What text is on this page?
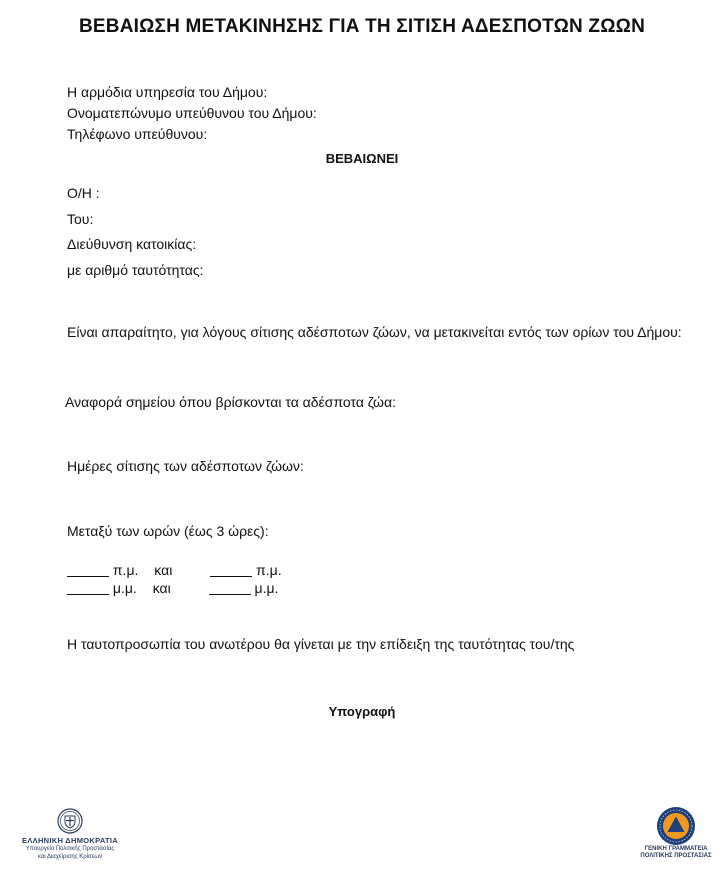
ΒΕΒΑΙΩΣΗ ΜΕΤΑΚΙΝΗΣΗΣ ΓΙΑ ΤΗ ΣΙΤΙΣΗ ΑΔΕΣΠΟΤΩΝ ΖΩΩΝ
Η αρμόδια υπηρεσία του Δήμου:
Ονοματεπώνυμο υπεύθυνου του Δήμου:
Τηλέφωνο υπεύθυνου:
ΒΕΒΑΙΩΝΕΙ
Ο/Η :
Του:
Διεύθυνση κατοικίας:
με αριθμό ταυτότητας:
Είναι απαραίτητο, για λόγους σίτισης αδέσποτων ζώων, να μετακινείται εντός των ορίων του Δήμου:
Αναφορά σημείου όπου βρίσκονται τα αδέσποτα ζώα:
Ημέρες σίτισης των αδέσποτων ζώων:
Μεταξύ των ωρών (έως 3 ώρες):
π.μ. και	π.μ.
μ.μ. και	μ.μ.
Η ταυτοπροσωπία του ανωτέρου θα γίνεται με την επίδειξη της ταυτότητας του/της
Υπογραφή
ΕΛΛΗΝΙΚΗ ΔΗΜΟΚΡΑΤΙΑ
Υπουργείο Πολιτικής Προστασίας
και Διαχείρισης Κρίσεων
ΓΕΝΙΚΗ ΓΡΑΜΜΑΤΕΙΑ
ΠΟΛΙΤΙΚΗΣ ΠΡΟΣΤΑΣΙΑΣ
